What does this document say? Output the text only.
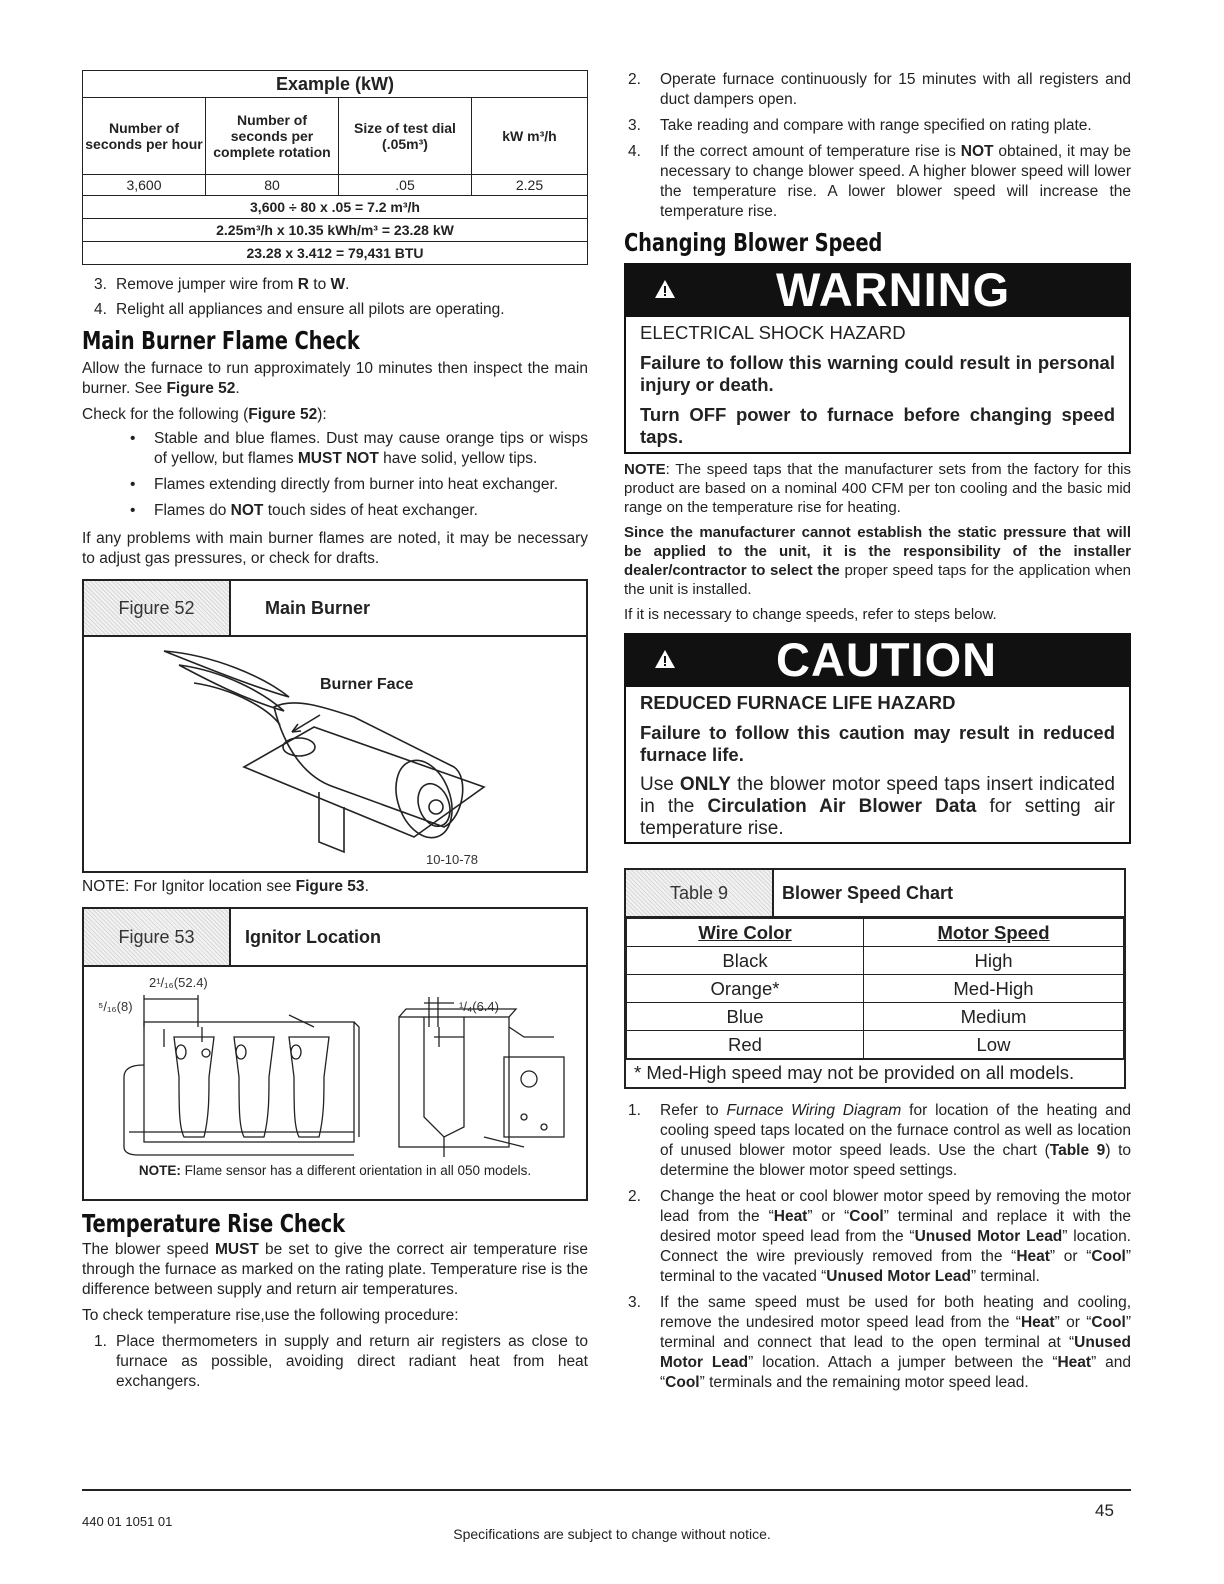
Example (kW)			
Number of seconds per hour	Number of seconds per complete rotation	Size of test dial (.05m³)	kW m³/h
3,600	80	.05	2.25
3,600 ÷ 80 x .05 = 7.2 m³/h			
2.25m³/h x 10.35 kWh/m³ = 23.28 kW			
23.28 x 3.412 = 79,431 BTU			
3. Remove jumper wire from R to W.
4. Relight all appliances and ensure all pilots are operating.
Main Burner Flame Check

Allow the furnace to run approximately 10 minutes then inspect the main burner. See Figure 52.

Check for the following (Figure 52):

•	Stable and blue flames. Dust may cause orange tips or wisps of yellow, but flames MUST NOT have solid, yellow tips.
•	Flames extending directly from burner into heat exchanger.
•	Flames do NOT touch sides of heat exchanger.

If any problems with main burner flames are noted, it may be necessary to adjust gas pressures, or check for drafts.

Figure 52	Main Burner
Burner Face
10-10-78

NOTE: For Ignitor location see Figure 53.

Figure 53	Ignitor Location
2¹/₁₆(52.4)
⁵/₁₆(8)	¹/₄(6.4)
NOTE: Flame sensor has a different orientation in all 050 models.
Temperature Rise Check

The blower speed MUST be set to give the correct air temperature rise through the furnace as marked on the rating plate. Temperature rise is the difference between supply and return air temperatures.

To check temperature rise,use the following procedure:

1. Place thermometers in supply and return air registers as close to furnace as possible, avoiding direct radiant heat from heat exchangers.
2.	Operate furnace continuously for 15 minutes with all registers and duct dampers open.
3.	Take reading and compare with range specified on rating plate.
4.	If the correct amount of temperature rise is NOT obtained, it may be necessary to change blower speed. A higher blower speed will lower the temperature rise. A lower blower speed will increase the temperature rise.
Changing Blower Speed
WARNING
ELECTRICAL SHOCK HAZARD
Failure to follow this warning could result in personal injury or death.
Turn OFF power to furnace before changing speed taps.

NOTE: The speed taps that the manufacturer sets from the factory for this product are based on a nominal 400 CFM per ton cooling and the basic mid range on the temperature rise for heating.

Since the manufacturer cannot establish the static pressure that will be applied to the unit, it is the responsibility of the installer dealer/contractor to select the proper speed taps for the application when the unit is installed.

If it is necessary to change speeds, refer to steps below.

CAUTION
REDUCED FURNACE LIFE HAZARD
Failure to follow this caution may result in reduced furnace life.
Use ONLY the blower motor speed taps insert indicated in the Circulation Air Blower Data for setting air temperature rise.
Table 9	Blower Speed Chart
Wire Color	Motor Speed
Black	High
Orange*	Med-High
Blue	Medium
Red	Low
* Med-High speed may not be provided on all models.
1.	Refer to Furnace Wiring Diagram for location of the heating and cooling speed taps located on the furnace control as well as location of unused blower motor speed leads. Use the chart (Table 9) to determine the blower motor speed settings.
2.	Change the heat or cool blower motor speed by removing the motor lead from the “Heat” or “Cool” terminal and replace it with the desired motor speed lead from the “Unused Motor Lead” location. Connect the wire previously removed from the “Heat” or “Cool” terminal to the vacated “Unused Motor Lead” terminal.
3.	If the same speed must be used for both heating and cooling, remove the undesired motor speed lead from the “Heat” or “Cool” terminal and connect that lead to the open terminal at “Unused Motor Lead” location. Attach a jumper between the “Heat” and “Cool” terminals and the remaining motor speed lead.
440 01 1051 01
45
Specifications are subject to change without notice.
